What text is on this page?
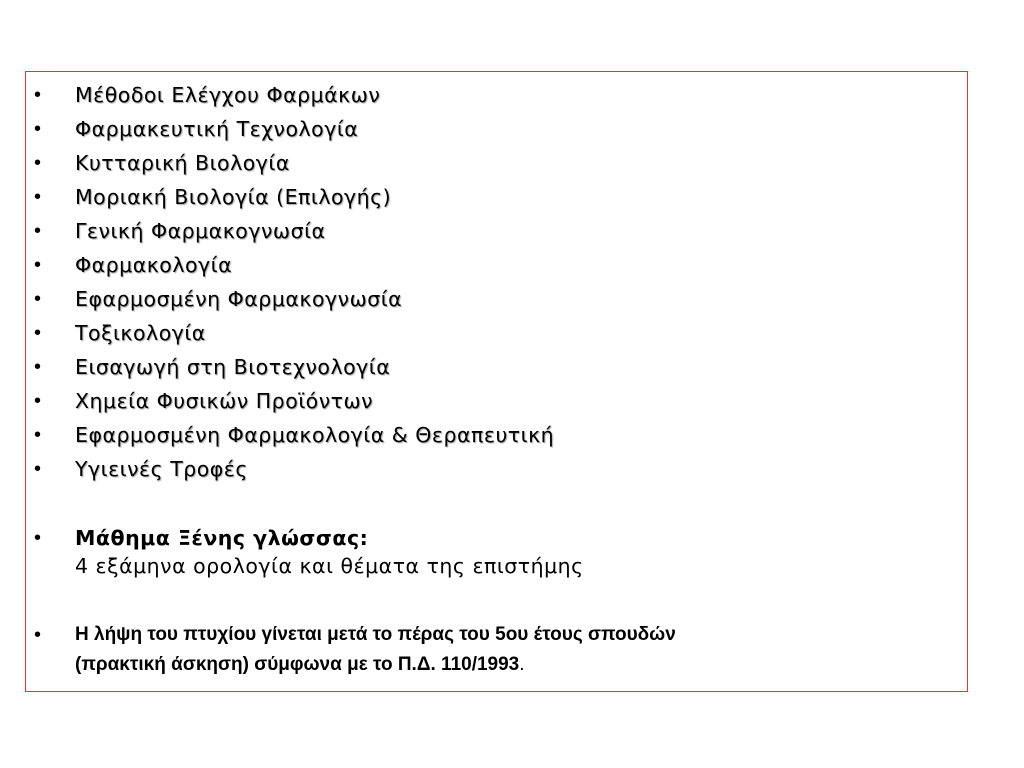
• Μέθοδοι Ελέγχου Φαρμάκων
• Φαρμακευτική Τεχνολογία
• Κυτταρική Βιολογία
• Μοριακή Βιολογία (Επιλογής)
• Γενική Φαρμακογνωσία
• Φαρμακολογία
• Εφαρμοσμένη Φαρμακογνωσία
• Τοξικολογία
• Εισαγωγή στη Βιοτεχνολογία
• Χημεία Φυσικών Προϊόντων
• Εφαρμοσμένη Φαρμακολογία & Θεραπευτική
• Υγιεινές Τροφές
• Μάθημα Ξένης γλώσσας:
4 εξάμηνα ορολογία και θέματα της επιστήμης
• Η λήψη του πτυχίου γίνεται μετά το πέρας του 5ου έτους σπουδών
(πρακτική άσκηση) σύμφωνα με το Π.Δ. 110/1993.
